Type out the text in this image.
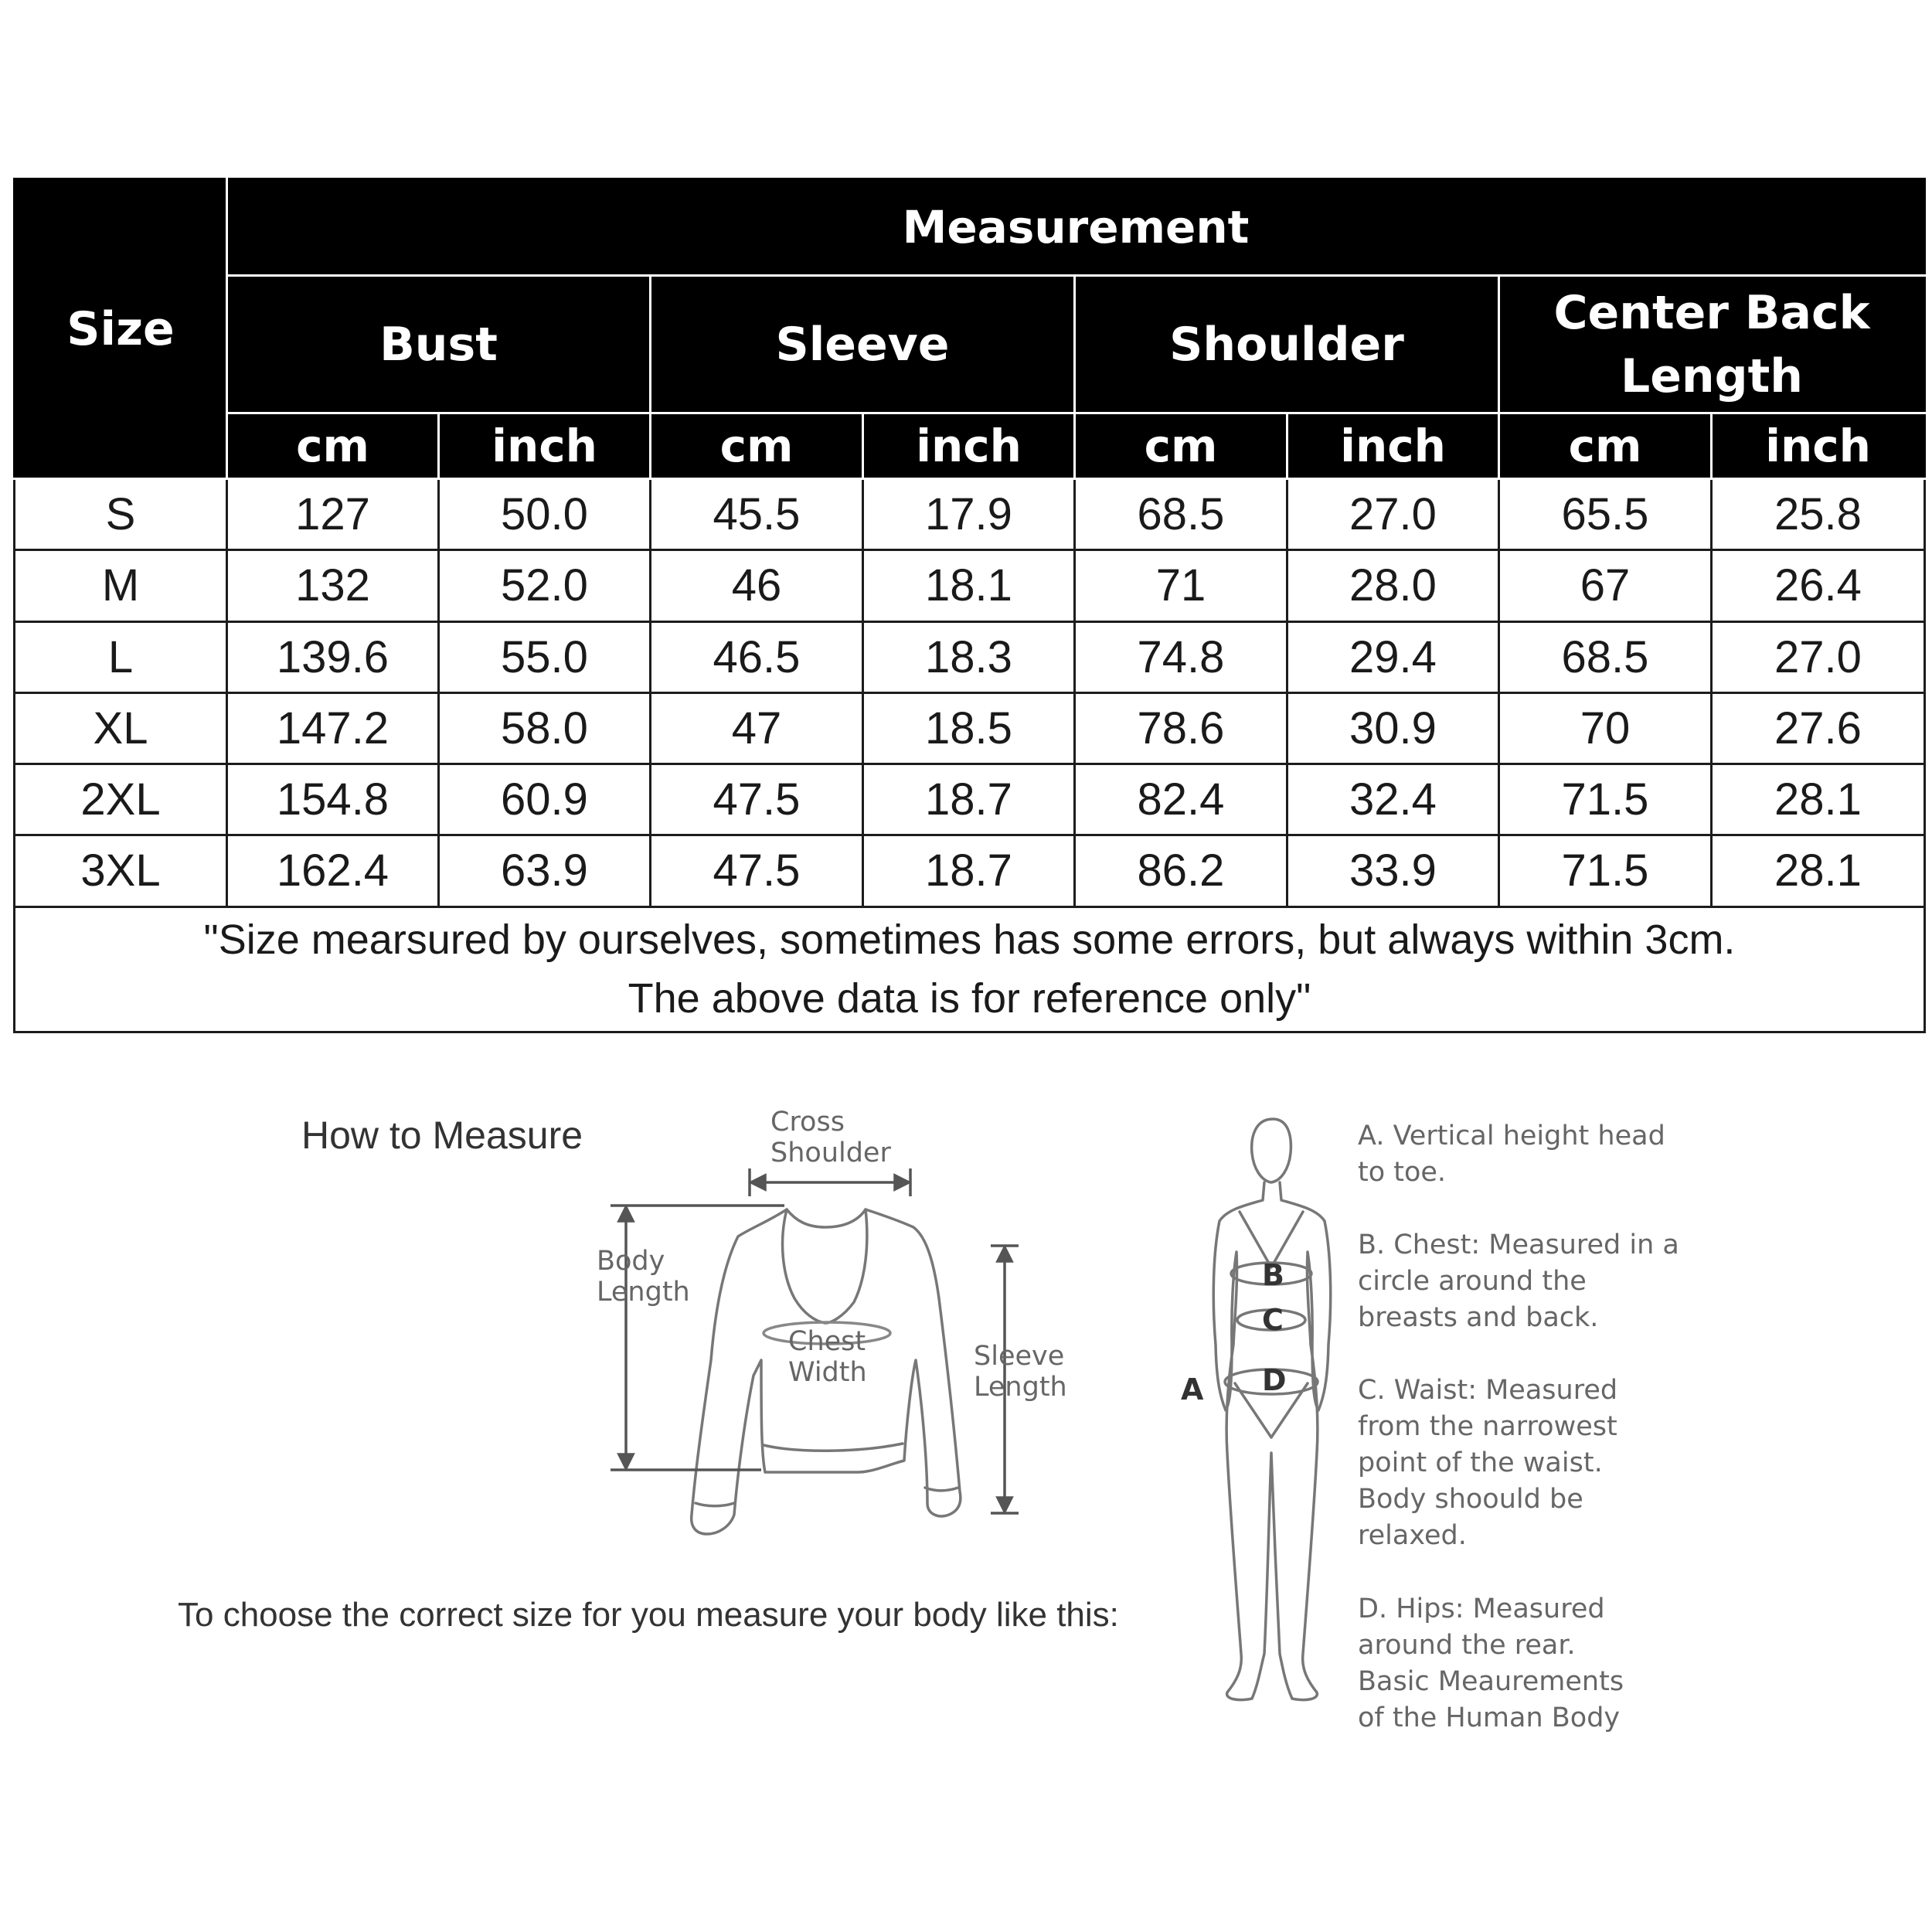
Size	Measurement							
	Bust		Sleeve		Shoulder		Center Back
Length	
	cm	inch	cm	inch	cm	inch	cm	inch
S	127	50.0	45.5	17.9	68.5	27.0	65.5	25.8
M	132	52.0	46	18.1	71	28.0	67	26.4
L	139.6	55.0	46.5	18.3	74.8	29.4	68.5	27.0
XL	147.2	58.0	47	18.5	78.6	30.9	70	27.6
2XL	154.8	60.9	47.5	18.7	82.4	32.4	71.5	28.1
3XL	162.4	63.9	47.5	18.7	86.2	33.9	71.5	28.1

"Size mearsured by ourselves, sometimes has some errors, but always within 3cm.
The above data is for reference only"								
How to Measure
To choose the correct size for you measure your body like this:
Cross
Shoulder
Body
Length
Chest
Width
Sleeve
Length	A
B
C
D
A. Vertical height head
to toe.
B. Chest: Measured in a
circle around the
breasts and back.
C. Waist: Measured
from the narrowest
point of the waist.
Body shoould be
relaxed.
D. Hips: Measured
around the rear.
Basic Meaurements
of the Human Body
